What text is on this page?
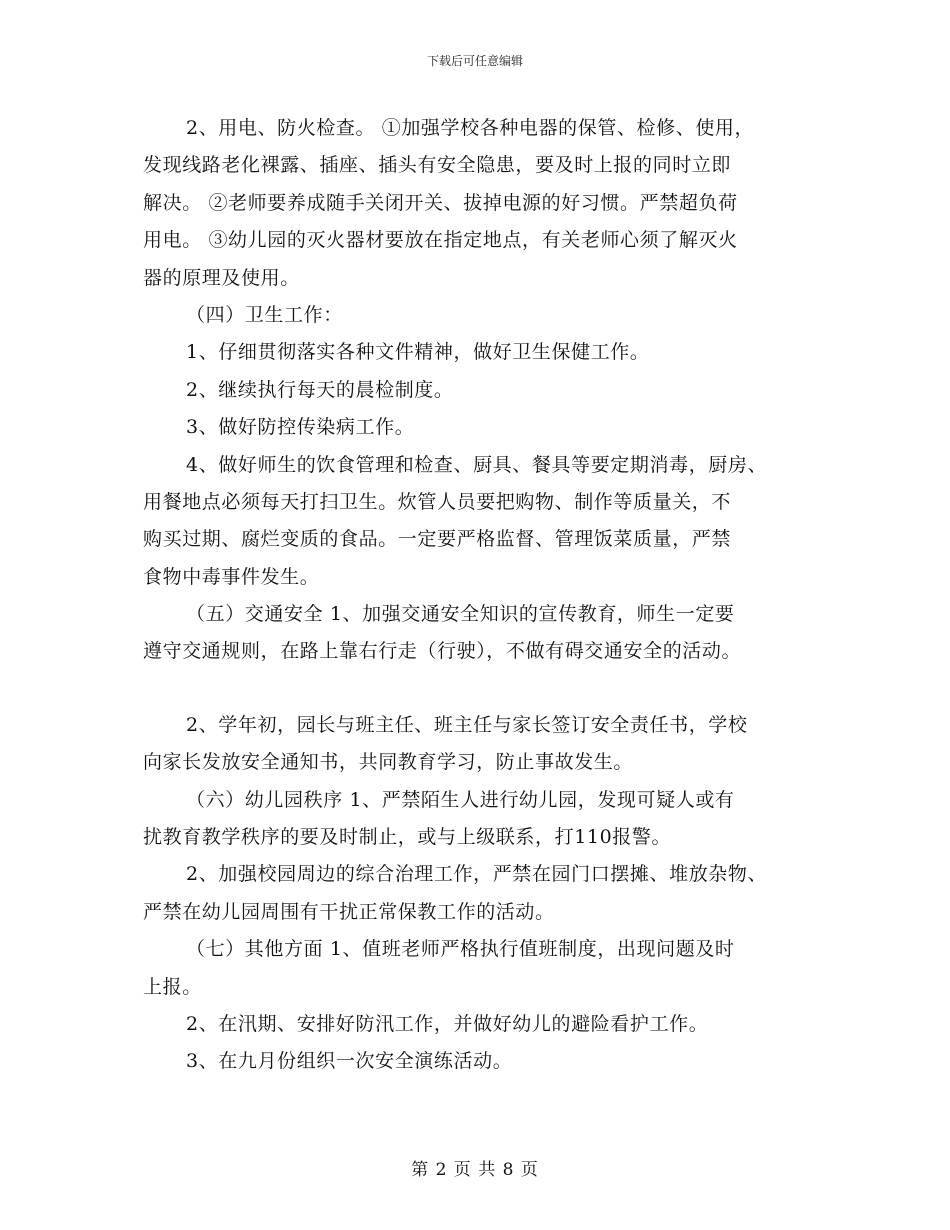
下载后可任意编辑
2、用电、防火检查。 ①加强学校各种电器的保管、检修、使用，
发现线路老化裸露、插座、插头有安全隐患，要及时上报的同时立即
解决。 ②老师要养成随手关闭开关、拔掉电源的好习惯。严禁超负荷
用电。 ③幼儿园的灭火器材要放在指定地点，有关老师心须了解灭火
器的原理及使用。
（四）卫生工作：
1、仔细贯彻落实各种文件精神，做好卫生保健工作。
2、继续执行每天的晨检制度。
3、做好防控传染病工作。
4、做好师生的饮食管理和检查、厨具、餐具等要定期消毒，厨房、
用餐地点必须每天打扫卫生。炊管人员要把购物、制作等质量关，不
购买过期、腐烂变质的食品。一定要严格监督、管理饭菜质量，严禁
食物中毒事件发生。
（五）交通安全 1、加强交通安全知识的宣传教育，师生一定要
遵守交通规则，在路上靠右行走（行驶），不做有碍交通安全的活动。
2、学年初，园长与班主任、班主任与家长签订安全责任书，学校
向家长发放安全通知书，共同教育学习，防止事故发生。
（六）幼儿园秩序 1、严禁陌生人进行幼儿园，发现可疑人或有
扰教育教学秩序的要及时制止，或与上级联系，打110报警。
2、加强校园周边的综合治理工作，严禁在园门口摆摊、堆放杂物、
严禁在幼儿园周围有干扰正常保教工作的活动。
（七）其他方面 1、值班老师严格执行值班制度，出现问题及时
上报。
2、在汛期、安排好防汛工作，并做好幼儿的避险看护工作。
3、在九月份组织一次安全演练活动。
第 2 页 共 8 页
